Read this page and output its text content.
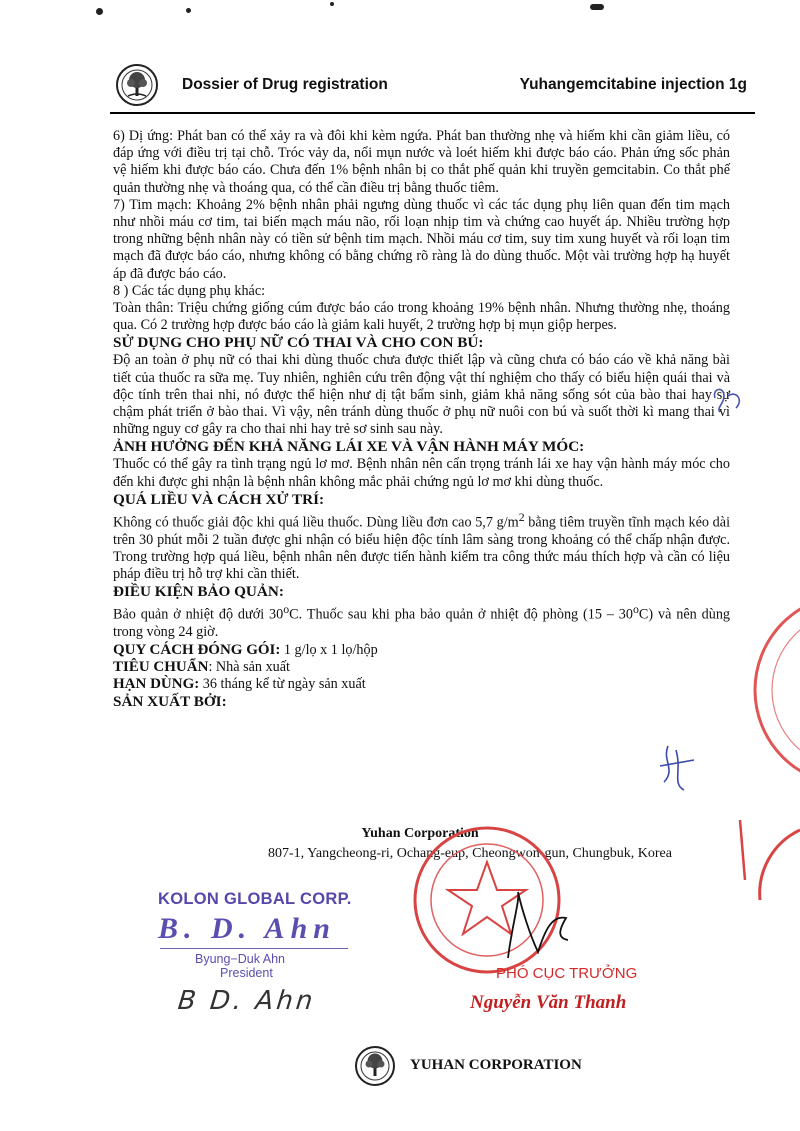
Dossier of Drug registration	Yuhangemcitabine injection 1g

6) Dị ứng: Phát ban có thể xảy ra và đôi khi kèm ngứa. Phát ban thường nhẹ và hiếm khi cần giảm liều, có đáp ứng với điều trị tại chỗ. Tróc vảy da, nổi mụn nước và loét hiếm khi được báo cáo. Phản ứng sốc phản vệ hiếm khi được báo cáo. Chưa đến 1% bệnh nhân bị co thắt phế quản khi truyền gemcitabin. Co thắt phế quản thường nhẹ và thoáng qua, có thể cần điều trị bằng thuốc tiêm.

7) Tim mạch: Khoảng 2% bệnh nhân phải ngưng dùng thuốc vì các tác dụng phụ liên quan đến tim mạch như nhồi máu cơ tim, tai biến mạch máu não, rối loạn nhịp tim và chứng cao huyết áp. Nhiều trường hợp trong những bệnh nhân này có tiền sử bệnh tim mạch. Nhồi máu cơ tim, suy tim xung huyết và rối loạn tim mạch đã được báo cáo, nhưng không có bằng chứng rõ ràng là do dùng thuốc. Một vài trường hợp hạ huyết áp đã được báo cáo.

8 ) Các tác dụng phụ khác:

Toàn thân: Triệu chứng giống cúm được báo cáo trong khoảng 19% bệnh nhân. Nhưng thường nhẹ, thoáng qua. Có 2 trường hợp được báo cáo là giảm kali huyết, 2 trường hợp bị mụn giộp herpes.

SỬ DỤNG CHO PHỤ NỮ CÓ THAI VÀ CHO CON BÚ:

Độ an toàn ở phụ nữ có thai khi dùng thuốc chưa được thiết lập và cũng chưa có báo cáo về khả năng bài tiết của thuốc ra sữa mẹ. Tuy nhiên, nghiên cứu trên động vật thí nghiệm cho thấy có biểu hiện quái thai và độc tính trên thai nhi, nó được thể hiện như dị tật bẩm sinh, giảm khả năng sống sót của bào thai hay sự chậm phát triển ở bào thai. Vì vậy, nên tránh dùng thuốc ở phụ nữ nuôi con bú và suốt thời kì mang thai vì những nguy cơ gây ra cho thai nhi hay trẻ sơ sinh sau này.

ẢNH HƯỞNG ĐẾN KHẢ NĂNG LÁI XE VÀ VẬN HÀNH MÁY MÓC:

Thuốc có thể gây ra tình trạng ngủ lơ mơ. Bệnh nhân nên cẩn trọng tránh lái xe hay vận hành máy móc cho đến khi được ghi nhận là bệnh nhân không mắc phải chứng ngủ lơ mơ khi dùng thuốc.

QUÁ LIỀU VÀ CÁCH XỬ TRÍ:

Không có thuốc giải độc khi quá liều thuốc. Dùng liều đơn cao 5,7 $g/m^2$ bằng tiêm truyền tĩnh mạch kéo dài trên 30 phút mỗi 2 tuần được ghi nhận có biểu hiện độc tính lâm sàng trong khoảng có thể chấp nhận được. Trong trường hợp quá liều, bệnh nhân nên được tiến hành kiểm tra công thức máu thích hợp và cần có liệu pháp điều trị hỗ trợ khi cần thiết.

ĐIỀU KIỆN BẢO QUẢN:

Bảo quản ở nhiệt độ dưới 30$^o$C. Thuốc sau khi pha bảo quản ở nhiệt độ phòng (15 – 30$^o$C) và nên dùng trong vòng 24 giờ.

QUY CÁCH ĐÓNG GÓI: 1 g/lọ x 1 lọ/hộp

TIÊU CHUẨN: Nhà sản xuất

HẠN DÙNG: 36 tháng kể từ ngày sản xuất

SẢN XUẤT BỞI:
Yuhan Corporation
807-1, Yangcheong-ri, Ochang-eup, Cheongwon-gun, Chungbuk, Korea
KOLON GLOBAL CORP.
B. D. Ahn
Byung−Duk Ahn
President
B D. Ahn
PHÓ CỤC TRƯỞNG
Nguyễn Văn Thanh
YUHAN CORPORATION
